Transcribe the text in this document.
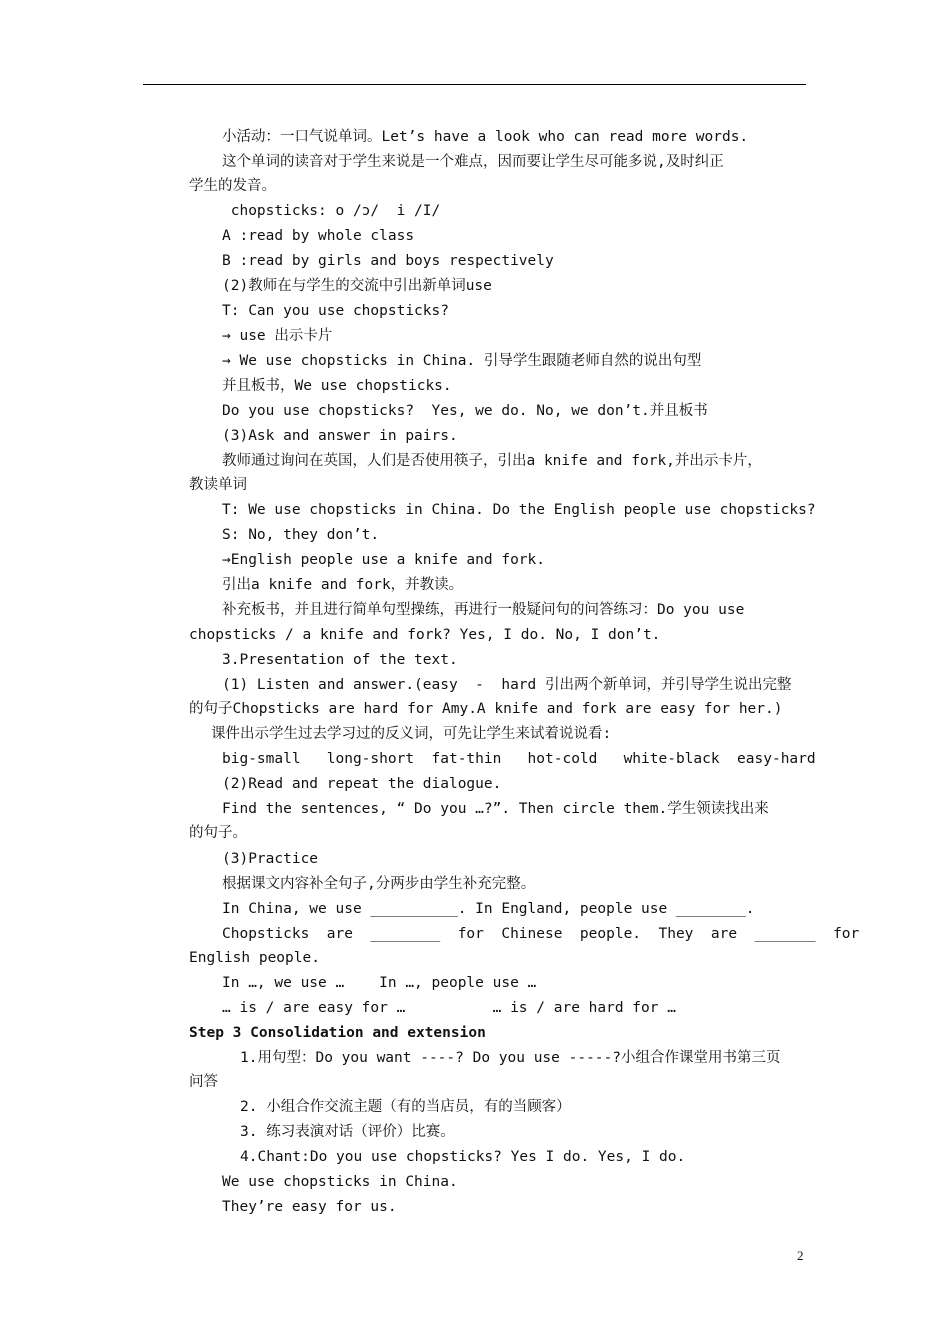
小活动：一口气说单词。Let’s have a look who can read more words.
这个单词的读音对于学生来说是一个难点，因而要让学生尽可能多说,及时纠正
学生的发音。
chopsticks: o /ɔ/  i /I/
A :read by whole class
B :read by girls and boys respectively
(2)教师在与学生的交流中引出新单词use
T: Can you use chopsticks?
→ use 出示卡片
→ We use chopsticks in China. 引导学生跟随老师自然的说出句型
并且板书，We use chopsticks.
Do you use chopsticks?  Yes, we do. No, we don’t.并且板书
(3)Ask and answer in pairs.
教师通过询问在英国，人们是否使用筷子，引出a knife and fork,并出示卡片，
教读单词
T: We use chopsticks in China. Do the English people use chopsticks?
S: No, they don’t.
→English people use a knife and fork.
引出a knife and fork，并教读。
补充板书，并且进行简单句型操练，再进行一般疑问句的问答练习：Do you use
chopsticks / a knife and fork? Yes, I do. No, I don’t.
3.Presentation of the text.
(1) Listen and answer.(easy  -  hard 引出两个新单词，并引导学生说出完整
的句子Chopsticks are hard for Amy.A knife and fork are easy for her.)
课件出示学生过去学习过的反义词，可先让学生来试着说说看:
big-small   long-short  fat-thin   hot-cold   white-black  easy-hard
(2)Read and repeat the dialogue.
Find the sentences, “ Do you …?”. Then circle them.学生领读找出来
的句子。
(3)Practice
根据课文内容补全句子,分两步由学生补充完整。
In China, we use __________. In England, people use ________.
Chopsticks  are  ________  for  Chinese  people.  They  are  _______  for
English people.
In …, we use …    In …, people use …
… is / are easy for …          … is / are hard for …
Step 3 Consolidation and extension
1.用句型：Do you want ----? Do you use -----?小组合作课堂用书第三页
问答
2. 小组合作交流主题（有的当店员，有的当顾客）
3. 练习表演对话（评价）比赛。
4.Chant:Do you use chopsticks? Yes I do. Yes, I do.
We use chopsticks in China.
They’re easy for us.
2
